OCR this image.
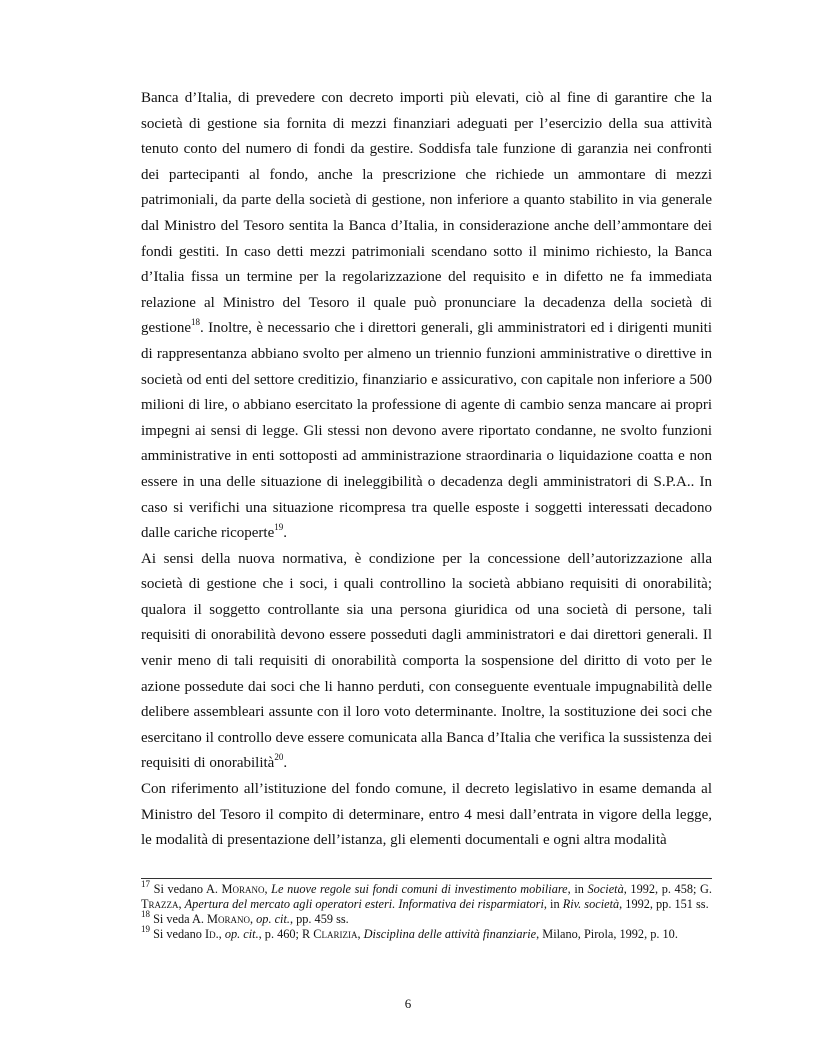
Banca d’Italia, di prevedere con decreto importi più elevati, ciò al fine di garantire che la società di gestione sia fornita di mezzi finanziari adeguati per l’esercizio della sua attività tenuto conto del numero di fondi da gestire. Soddisfa tale funzione di garanzia nei confronti dei partecipanti al fondo, anche la prescrizione che richiede un ammontare di mezzi patrimoniali, da parte della società di gestione, non inferiore a quanto stabilito in via generale dal Ministro del Tesoro sentita la Banca d’Italia, in considerazione anche dell’ammontare dei fondi gestiti. In caso detti mezzi patrimoniali scendano sotto il minimo richiesto, la Banca d’Italia fissa un termine per la regolarizzazione del requisito e in difetto ne fa immediata relazione al Ministro del Tesoro il quale può pronunciare la decadenza della società di gestione$^{18}$. Inoltre, è necessario che i direttori generali, gli amministratori ed i dirigenti muniti di rappresentanza abbiano svolto per almeno un triennio funzioni amministrative o direttive in società od enti del settore creditizio, finanziario e assicurativo, con capitale non inferiore a 500 milioni di lire, o abbiano esercitato la professione di agente di cambio senza mancare ai propri impegni ai sensi di legge. Gli stessi non devono avere riportato condanne, ne svolto funzioni amministrative in enti sottoposti ad amministrazione straordinaria o liquidazione coatta e non essere in una delle situazione di ineleggibilità o decadenza degli amministratori di S.P.A.. In caso si verifichi una situazione ricompresa tra quelle esposte i soggetti interessati decadono dalle cariche ricoperte$^{19}$.

Ai sensi della nuova normativa, è condizione per la concessione dell’autorizzazione alla società di gestione che i soci, i quali controllino la società abbiano requisiti di onorabilità; qualora il soggetto controllante sia una persona giuridica od una società di persone, tali requisiti di onorabilità devono essere posseduti dagli amministratori e dai direttori generali. Il venir meno di tali requisiti di onorabilità comporta la sospensione del diritto di voto per le azione possedute dai soci che li hanno perduti, con conseguente eventuale impugnabilità delle delibere assembleari assunte con il loro voto determinante. Inoltre, la sostituzione dei soci che esercitano il controllo deve essere comunicata alla Banca d’Italia che verifica la sussistenza dei requisiti di onorabilità$^{20}$.

Con riferimento all’istituzione del fondo comune, il decreto legislativo in esame demanda al Ministro del Tesoro il compito di determinare, entro 4 mesi dall’entrata in vigore della legge, le modalità di presentazione dell’istanza, gli elementi documentali e ogni altra modalità

$^{17}$ Si vedano A. Morano, Le nuove regole sui fondi comuni di investimento mobiliare, in Società, 1992, p. 458; G. Trazza, Apertura del mercato agli operatori esteri. Informativa dei risparmiatori, in Riv. società, 1992, pp. 151 ss.

$^{18}$ Si veda A. Morano, op. cit., pp. 459 ss.

$^{19}$ Si vedano Id., op. cit., p. 460; R Clarizia, Disciplina delle attività finanziarie, Milano, Pirola, 1992, p. 10.

6
